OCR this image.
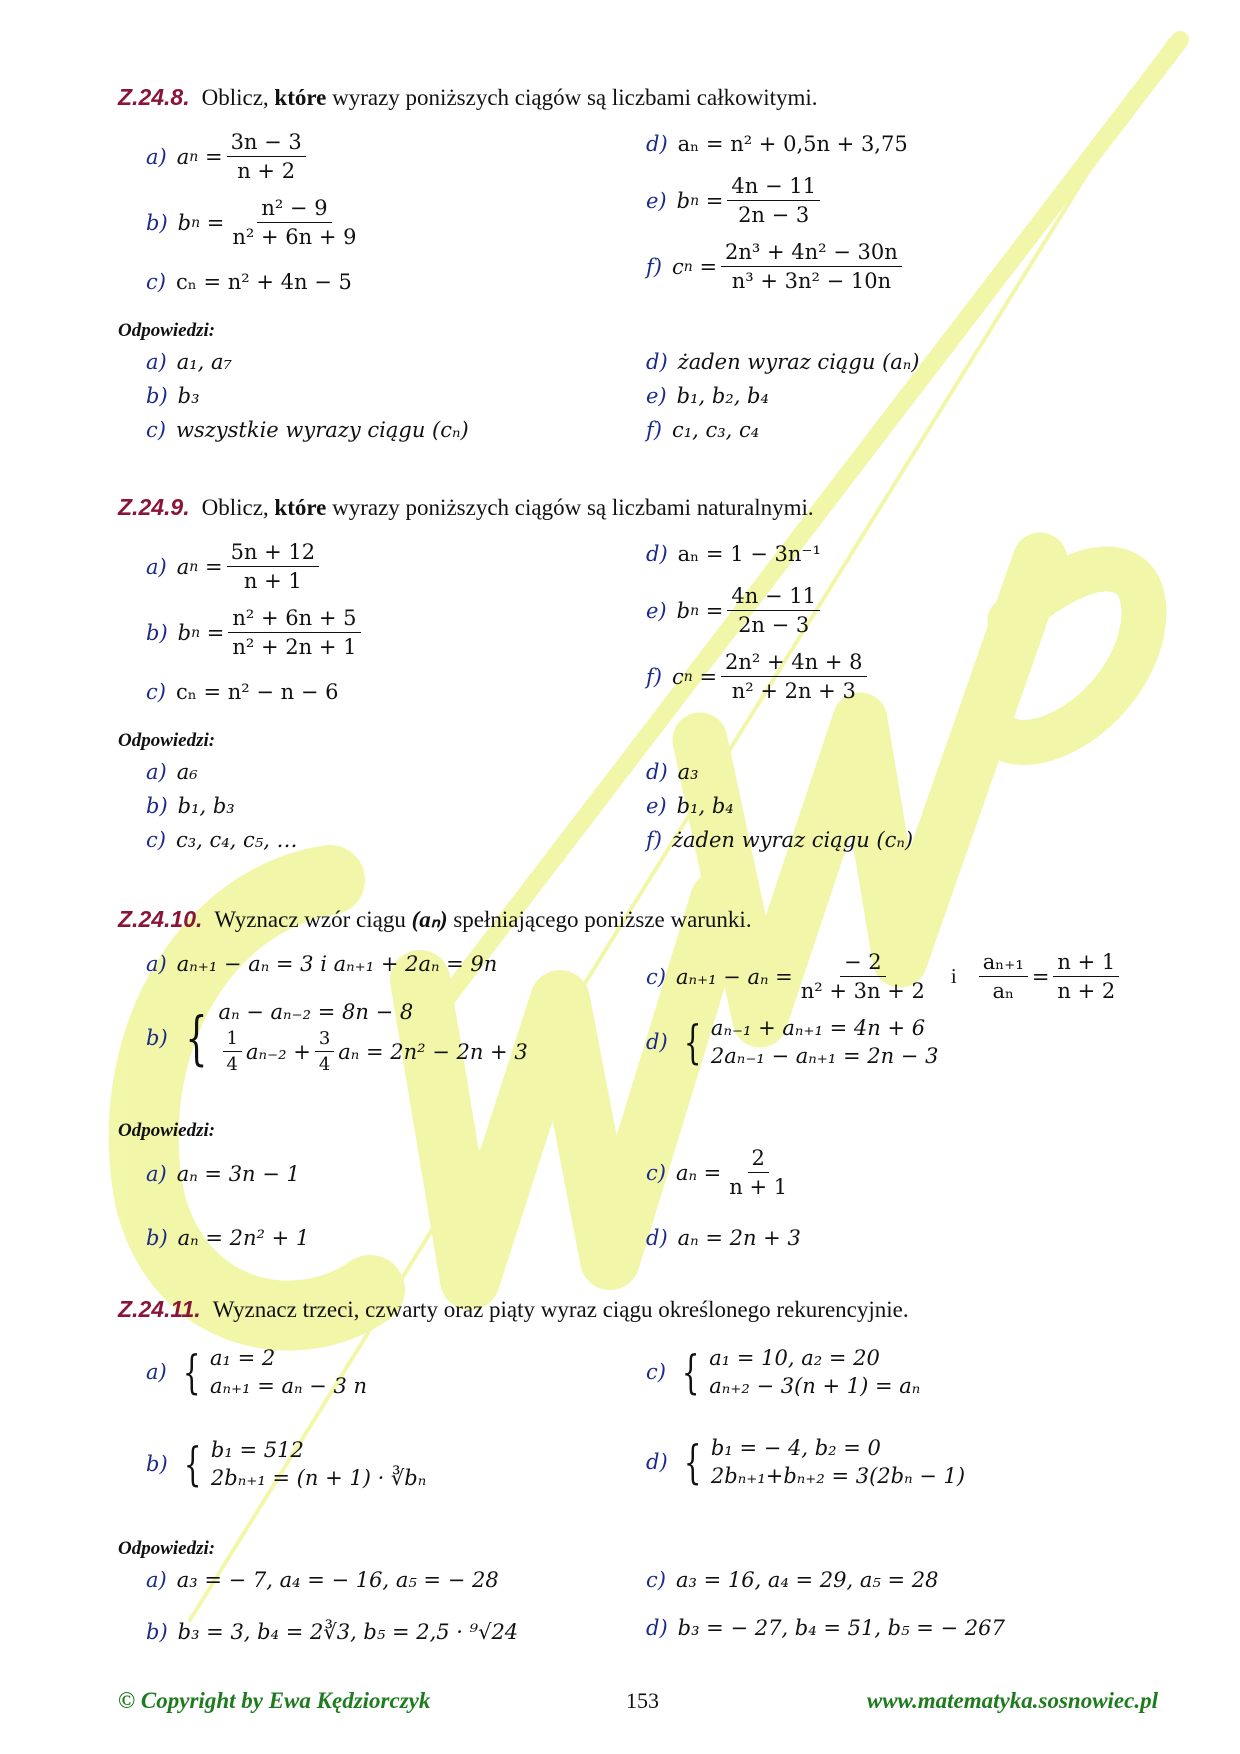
Z.24.8. Oblicz, które wyrazy poniższych ciągów są liczbami całkowitymi.
a) a n =
3n − 3
n + 2
b) b n =
n² − 9
n² + 6n + 9
c) cₙ = n² + 4n − 5
d) aₙ = n² + 0,5n + 3,75
e) b n =
4n − 11
2n − 3
f) c n =
2n³ + 4n² − 30n
n³ + 3n² − 10n
Odpowiedzi:
a) a₁, a₇
b) b₃
c) wszystkie wyrazy ciągu (cₙ)
d) żaden wyraz ciągu (aₙ)
e) b₁, b₂, b₄
f) c₁, c₃, c₄
Z.24.9. Oblicz, które wyrazy poniższych ciągów są liczbami naturalnymi.
a) a n =
5n + 12
n + 1
b) b n =
n² + 6n + 5
n² + 2n + 1
c) cₙ = n² − n − 6
d) aₙ = 1 − 3n⁻¹
e) b n =
4n − 11
2n − 3
f) c n =
2n² + 4n + 8
n² + 2n + 3
Odpowiedzi:
a) a₆
b) b₁, b₃
c) c₃, c₄, c₅, …
d) a₃
e) b₁, b₄
f) żaden wyraz ciągu (cₙ)
Z.24.10. Wyznacz wzór ciągu (aₙ) spełniającego poniższe warunki.
a) aₙ₊₁ − aₙ = 3 i aₙ₊₁ + 2aₙ = 9n
b) { aₙ − aₙ₋₂ = 8n − 8
1
4
$a_{n-2} + \frac{3}{4}$ aₙ = 2n² − 2n + 3
c) $a_{n+1} - a_n = \frac{- 2}{\text{n² + 3n + 2}}$ i $\frac{\text{aₙ₊₁}}{\text{aₙ}} = \frac{n + 1}{n + 2}$
d) { aₙ₋₁ + aₙ₊₁ = 4n + 6
2aₙ₋₁ − aₙ₊₁ = 2n − 3
Odpowiedzi:
a) aₙ = 3n − 1
b) aₙ = 2n² + 1
c) $a_n = \frac{2}{n + 1}$
d) aₙ = 2n + 3
Z.24.11. Wyznacz trzeci, czwarty oraz piąty wyraz ciągu określonego rekurencyjnie.
a) { a₁ = 2
aₙ₊₁ = aₙ − 3 n
b) { b₁ = 512
2bₙ₊₁ = (n + 1) · ∛bₙ
c) { a₁ = 10, a₂ = 20
aₙ₊₂ − 3(n + 1) = aₙ
d) { b₁ = − 4, b₂ = 0
2bₙ₊₁+bₙ₊₂ = 3(2bₙ − 1)
Odpowiedzi:
a) a₃ = − 7, a₄ = − 16, a₅ = − 28
b) b₃ = 3, b₄ = 2∛3, b₅ = 2,5 · ⁹√24
c) a₃ = 16, a₄ = 29, a₅ = 28
d) b₃ = − 27, b₄ = 51, b₅ = − 267
© Copyright by Ewa Kędziorczyk	153	www.matematyka.sosnowiec.pl
